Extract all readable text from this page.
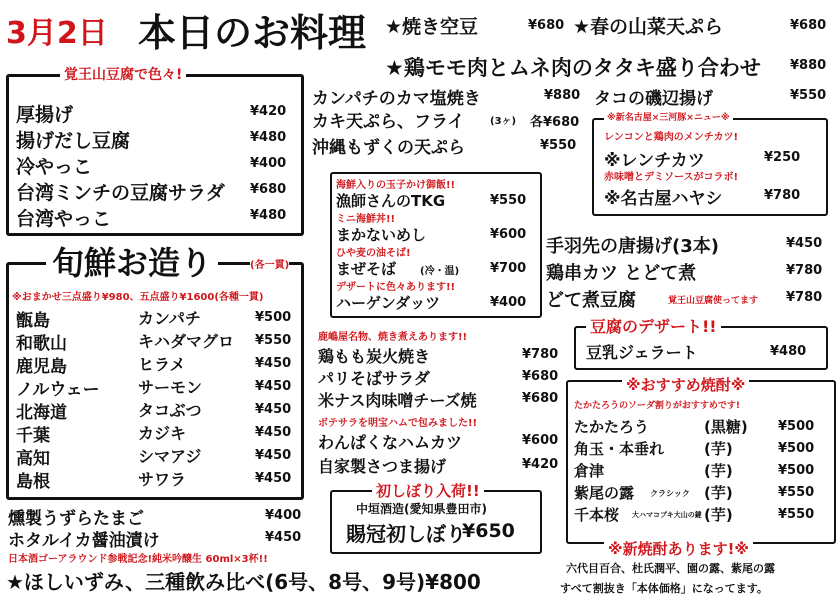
3月2日 本日のお料理 ★焼き空豆	¥680 ★春の山菜天ぷら	¥680
★鶏モモ肉とムネ肉のタタキ盛り合わせ ¥880
覚王山豆腐で色々!
厚揚げ	¥420
揚げだし豆腐	¥480
冷やっこ	¥400
台湾ミンチの豆腐サラダ ¥680
台湾やっこ	¥480
旬鮮お造り	(各一貫)
※おまかせ三点盛り¥980、五点盛り¥1600(各種一貫)
甑島	カンパチ	¥500
和歌山	キハダマグロ ¥550
鹿児島	ヒラメ	¥450
ノルウェー サーモン	¥450
北海道	タコぶつ	¥450
千葉	カジキ	¥450
高知	シマアジ	¥450
島根	サワラ	¥450
燻製うずらたまご	¥400
ホタルイカ醤油漬け	¥450
日本酒ゴーアラウンド参戦記念!純米吟醸生 60ml×3杯!!
★ほしいずみ、三種飲み比べ(6号、8号、9号)¥800
カンパチのカマ塩焼き	¥880
カキ天ぷら、フライ	(3ヶ) 各¥680
沖縄もずくの天ぷら	¥550
タコの磯辺揚げ	¥550
※新名古屋×三河豚×ニュー※
レンコンと鶏肉のメンチカツ!
※レンチカツ	¥250
赤味噌とデミソースがコラボ!
※名古屋ハヤシ	¥780
海鮮入りの玉子かけ御飯!!
漁師さんのTKG	¥550
ミニ海鮮丼!!
まかないめし	¥600
ひや麦の油そば!
まぜそば (冷・温) ¥700
デザートに色々あります!!
ハーゲンダッツ	¥400
手羽先の唐揚げ(3本)	¥450
鶏串カツ とどて煮	¥780
どて煮豆腐	覚王山豆腐使ってます ¥780
鹿嶋屋名物、焼き煮えあります!!
鶏もも炭火焼き	¥780
パリそばサラダ	¥680
米ナス肉味噌チーズ焼	¥680
ボテサラを明宝ハムで包みました!!
わんぱくなハムカツ	¥600
自家製さつま揚げ	¥420
初しぼり入荷!!
中垣酒造(愛知県豊田市)
賜冠初しぼり
¥650
豆腐のデザート!!
豆乳ジェラート	¥480
※おすすめ焼酎※
たかたろうのソーダ割りがおすすめです!
たかたろう	(黒糖) ¥500
角玉・本垂れ	(芋)	¥500
倉津	(芋)	¥500
紫尾の露 クラシック (芋)	¥550
千本桜 大ハマコブキ大山の鍵 (芋)	¥550
※新焼酎あります!※
六代目百合、杜氏潤平、園の露、紫尾の露
すべて割抜き「本体価格」になってます。
